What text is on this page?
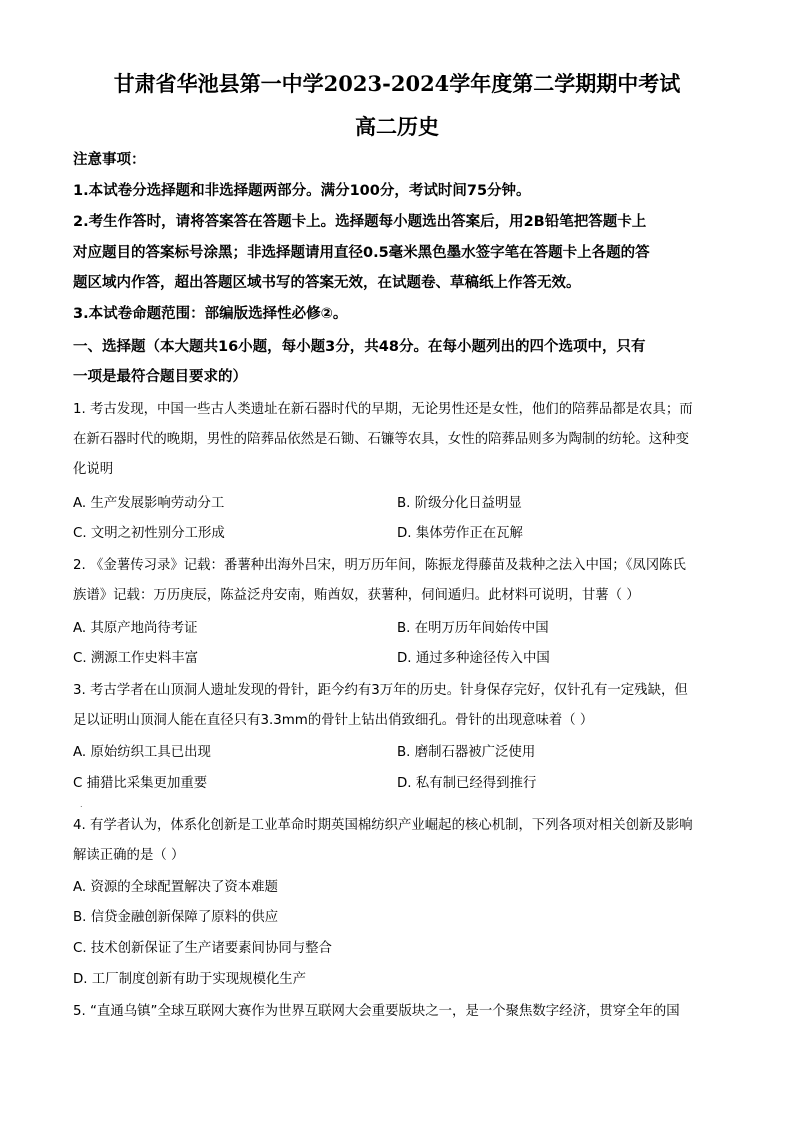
甘肃省华池县第一中学2023-2024学年度第二学期期中考试
高二历史
注意事项：
1.本试卷分选择题和非选择题两部分。满分100分，考试时间75分钟。
2.考生作答时，请将答案答在答题卡上。选择题每小题选出答案后，用2B铅笔把答题卡上
对应题目的答案标号涂黑；非选择题请用直径0.5毫米黑色墨水签字笔在答题卡上各题的答
题区域内作答，超出答题区域书写的答案无效，在试题卷、草稿纸上作答无效。
3.本试卷命题范围：部编版选择性必修②。
一、选择题（本大题共16小题，每小题3分，共48分。在每小题列出的四个选项中，只有
一项是最符合题目要求的）
1. 考古发现，中国一些古人类遗址在新石器时代的早期，无论男性还是女性，他们的陪葬品都是农具；而
在新石器时代的晚期，男性的陪葬品依然是石锄、石镰等农具，女性的陪葬品则多为陶制的纺轮。这种变
化说明
A. 生产发展影响劳动分工	B. 阶级分化日益明显
C. 文明之初性别分工形成	D. 集体劳作正在瓦解
2. 《金薯传习录》记载：番薯种出海外吕宋，明万历年间，陈振龙得藤苗及栽种之法入中国；《凤冈陈氏
族谱》记载：万历庚辰，陈益泛舟安南，贿酋奴，获薯种，伺间遁归。此材料可说明，甘薯（ ）
A. 其原产地尚待考证	B. 在明万历年间始传中国
C. 溯源工作史料丰富	D. 通过多种途径传入中国
3. 考古学者在山顶洞人遗址发现的骨针，距今约有3万年的历史。针身保存完好，仅针孔有一定残缺，但
足以证明山顶洞人能在直径只有3.3mm的骨针上钻出俏致细孔。骨针的出现意味着（ ）
A. 原始纺织工具已出现	B. 磨制石器被广泛使用
C 捕猎比采集更加重要	D. 私有制已经得到推行
.
4. 有学者认为，体系化创新是工业革命时期英国棉纺织产业崛起的核心机制，下列各项对相关创新及影响
解读正确的是（ ）
A. 资源的全球配置解决了资本难题
B. 信贷金融创新保障了原料的供应
C. 技术创新保证了生产诸要素间协同与整合
D. 工厂制度创新有助于实现规模化生产
5. “直通乌镇”全球互联网大赛作为世界互联网大会重要版块之一，是一个聚焦数字经济，贯穿全年的国
